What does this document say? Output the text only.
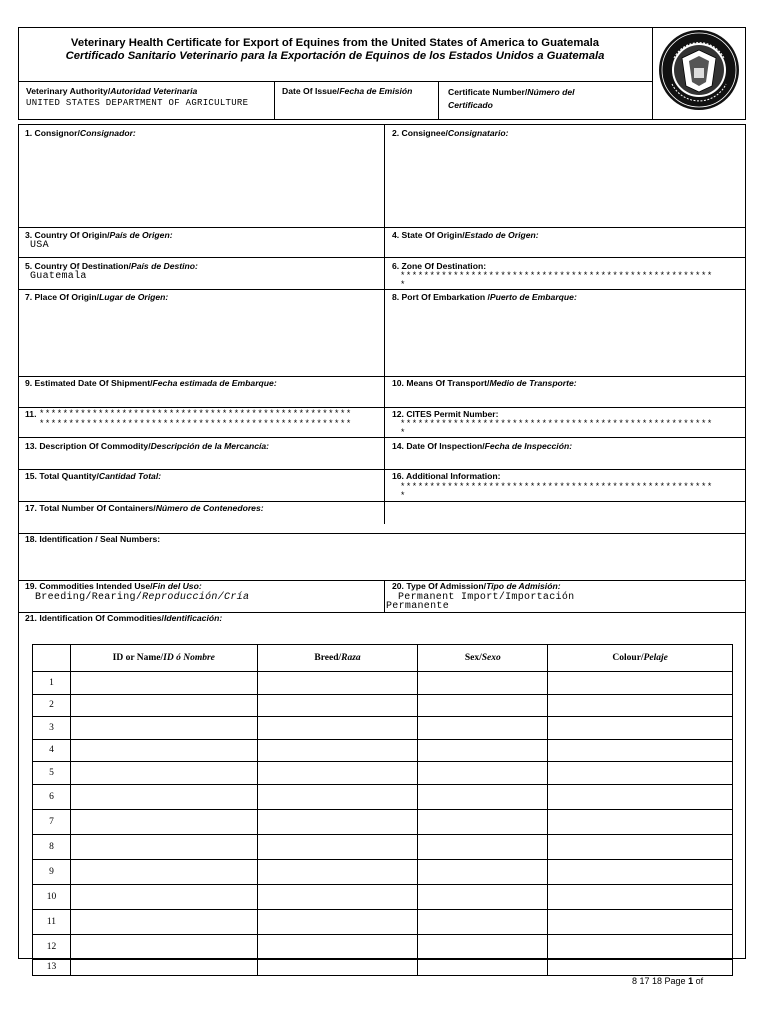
Veterinary Health Certificate for Export of Equines from the United States of America to Guatemala
Certificado Sanitario Veterinario para la Exportación de Equinos de los Estados Unidos a Guatemala
Veterinary Authority/Autoridad Veterinaria
UNITED STATES DEPARTMENT OF AGRICULTURE
Date Of Issue/Fecha de Emisión	Certificate Number/Número del
Certificado
1. Consignor/Consignador:	2. Consignee/Consignatario:
3. Country Of Origin/País de Origen:
USA
4. State Of Origin/Estado de Origen:
5. Country Of Destination/País de Destino:
Guatemala
6. Zone Of Destination:
*****************************************************
*
7. Place Of Origin/Lugar de Origen:	8. Port Of Embarkation /Puerto de Embarque:
9. Estimated Date Of Shipment/Fecha estimada de Embarque:	10. Means Of Transport/Medio de Transporte:
11. *****************************************************
*****************************************************
12. CITES Permit Number:
*****************************************************
*
13. Description Of Commodity/Descripción de la Mercancía:	14. Date Of Inspection/Fecha de Inspección:
15. Total Quantity/Cantidad Total:	16. Additional Information:
*****************************************************
*
17. Total Number Of Containers/Número de Contenedores:
18. Identification / Seal Numbers:
19. Commodities Intended Use/Fin del Uso:
Breeding/Rearing/Reproducción/Cría
20. Type Of Admission/Tipo de Admisión:
Permanent Import/Importación
Permanente
21. Identification Of Commodities/Identificación:
	ID or Name/ID ó Nombre	Breed/Raza	Sex/Sexo	Colour/Pelaje
1				
2				
3				
4				
5				
6				
7				
8				
9				
10				
11				
12				
13				
8 17 18 Page 1 of
